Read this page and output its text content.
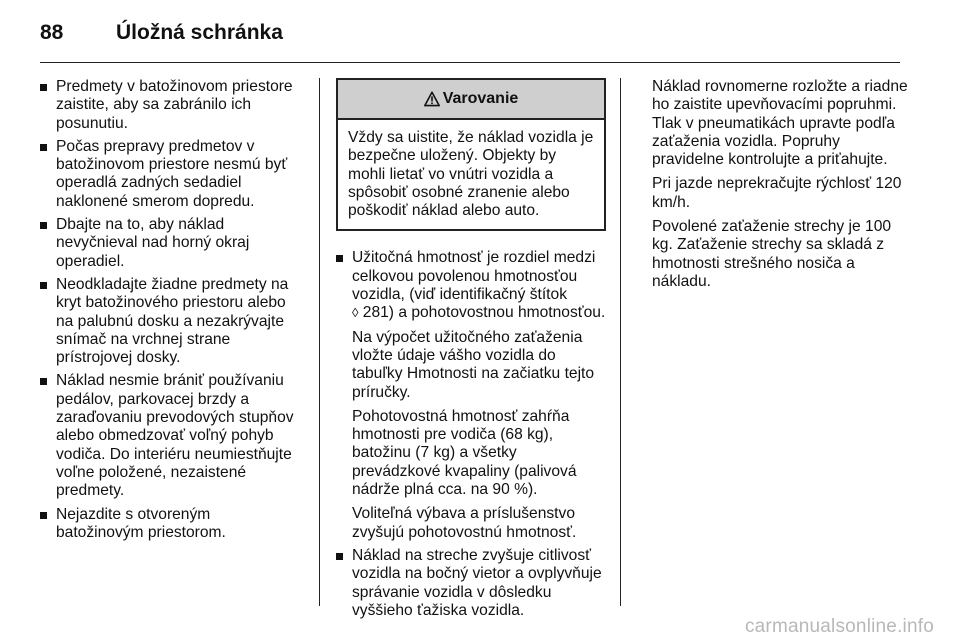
88	Úložná schránka
Predmety v batožinovom priestore zaistite, aby sa zabránilo ich posunutiu.
Počas prepravy predmetov v batožinovom priestore nesmú byť operadlá zadných sedadiel naklonené smerom dopredu.
Dbajte na to, aby náklad nevyčnieval nad horný okraj operadiel.
Neodkladajte žiadne predmety na kryt batožinového priestoru alebo na palubnú dosku a nezakrývajte snímač na vrchnej strane prístrojovej dosky.
Náklad nesmie brániť používaniu pedálov, parkovacej brzdy a zaraďovaniu prevodových stupňov alebo obmedzovať voľný pohyb vodiča. Do interiéru neumiestňujte voľne položené, nezaistené predmety.
Nejazdite s otvoreným batožinovým priestorom.
Varovanie
Vždy sa uistite, že náklad vozidla je bezpečne uložený. Objekty by mohli lietať vo vnútri vozidla a spôsobiť osobné zranenie alebo poškodiť náklad alebo auto.
Užitočná hmotnosť je rozdiel medzi celkovou povolenou hmotnosťou vozidla, (viď identifikačný štítok
◊ 281) a pohotovostnou hmotnosťou.
Na výpočet užitočného zaťaženia vložte údaje vášho vozidla do tabuľky Hmotnosti na začiatku tejto príručky.
Pohotovostná hmotnosť zahŕňa hmotnosti pre vodiča (68 kg), batožinu (7 kg) a všetky prevádzkové kvapaliny (palivová nádrže plná cca. na 90 %).
Voliteľná výbava a príslušenstvo zvyšujú pohotovostnú hmotnosť.
Náklad na streche zvyšuje citlivosť vozidla na bočný vietor a ovplyvňuje správanie vozidla v dôsledku vyššieho ťažiska vozidla.

Náklad rovnomerne rozložte a riadne ho zaistite upevňovacími popruhmi. Tlak v pneumatikách upravte podľa zaťaženia vozidla. Popruhy pravidelne kontrolujte a priťahujte.

Pri jazde neprekračujte rýchlosť 120 km/h.

Povolené zaťaženie strechy je 100 kg. Zaťaženie strechy sa skladá z hmotnosti strešného nosiča a nákladu.

carmanualsonline.info
